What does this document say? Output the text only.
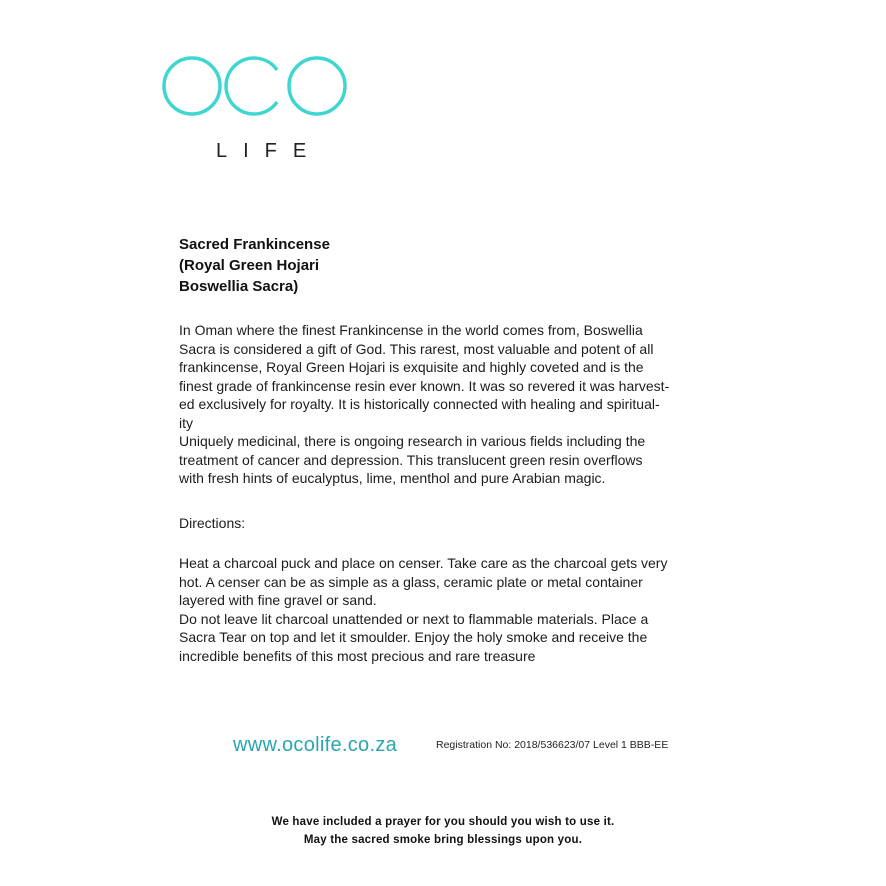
LIFE
Sacred Frankincense
(Royal Green Hojari
Boswellia Sacra)
In Oman where the finest Frankincense in the world comes from, Boswellia
Sacra is considered a gift of God. This rarest, most valuable and potent of all
frankincense, Royal Green Hojari is exquisite and highly coveted and is the
finest grade of frankincense resin ever known. It was so revered it was harvest-
ed exclusively for royalty. It is historically connected with healing and spiritual-
ity
Uniquely medicinal, there is ongoing research in various fields including the
treatment of cancer and depression. This translucent green resin overflows
with fresh hints of eucalyptus, lime, menthol and pure Arabian magic.
Directions:
Heat a charcoal puck and place on censer. Take care as the charcoal gets very
hot. A censer can be as simple as a glass, ceramic plate or metal container
layered with fine gravel or sand.
Do not leave lit charcoal unattended or next to flammable materials. Place a
Sacra Tear on top and let it smoulder. Enjoy the holy smoke and receive the
incredible benefits of this most precious and rare treasure
www.ocolife.co.za	Registration No: 2018/536623/07 Level 1 BBB-EE
We have included a prayer for you should you wish to use it.
May the sacred smoke bring blessings upon you.
